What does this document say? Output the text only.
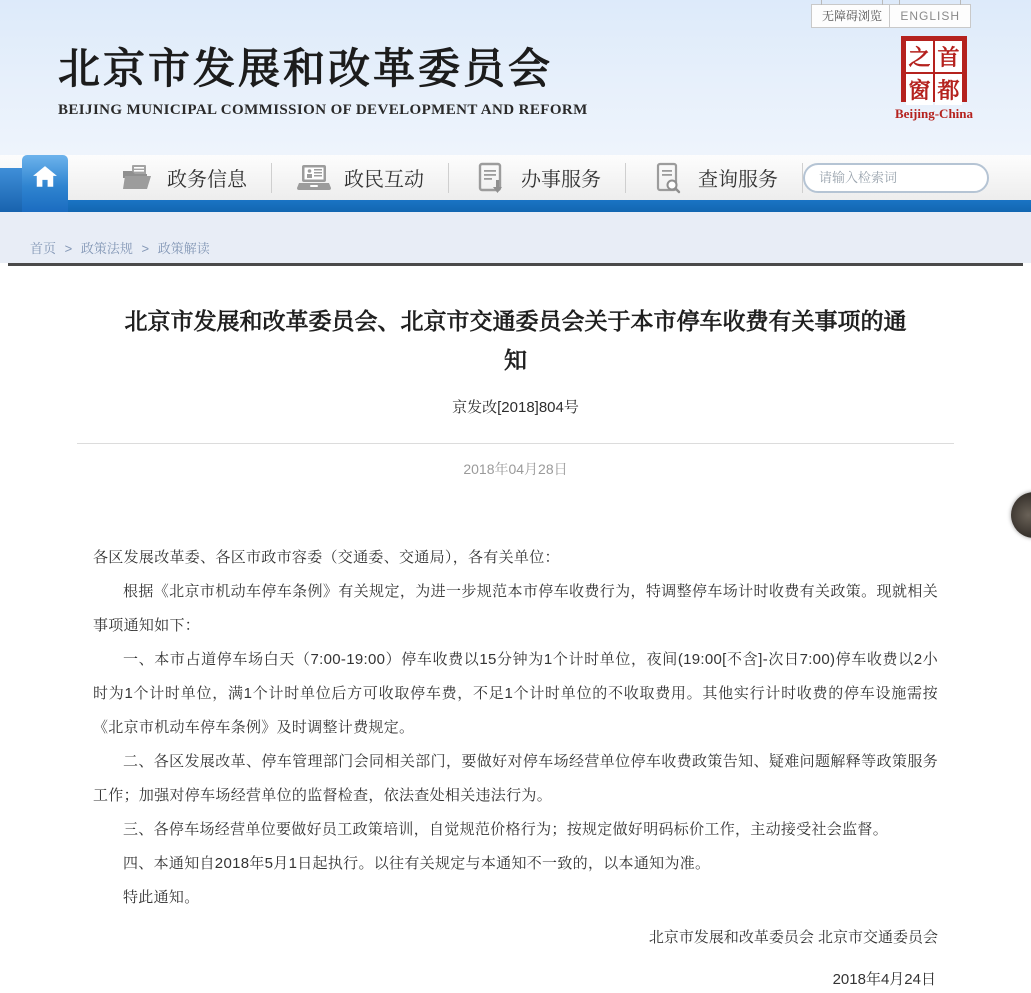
无障碍浏览	ENGLISH
北京市发展和改革委员会
BEIJING MUNICIPAL COMMISSION OF DEVELOPMENT AND REFORM
之 首
窗 都
Beijing-China
政务信息	政民互动	办事服务	查询服务
请输入检索词
首页 > 政策法规 > 政策解读
北京市发展和改革委员会、北京市交通委员会关于本市停车收费有关事项的通知
京发改[2018]804号
2018年04月28日

各区发展改革委、各区市政市容委（交通委、交通局），各有关单位：

根据《北京市机动车停车条例》有关规定，为进一步规范本市停车收费行为，特调整停车场计时收费有关政策。现就相关事项通知如下：

一、本市占道停车场白天（7:00-19:00）停车收费以15分钟为1个计时单位，夜间(19:00[不含]-次日7:00)停车收费以2小时为1个计时单位，满1个计时单位后方可收取停车费，不足1个计时单位的不收取费用。其他实行计时收费的停车设施需按《北京市机动车停车条例》及时调整计费规定。

二、各区发展改革、停车管理部门会同相关部门，要做好对停车场经营单位停车收费政策告知、疑难问题解释等政策服务工作；加强对停车场经营单位的监督检查，依法查处相关违法行为。

三、各停车场经营单位要做好员工政策培训，自觉规范价格行为；按规定做好明码标价工作，主动接受社会监督。

四、本通知自2018年5月1日起执行。以往有关规定与本通知不一致的，以本通知为准。

特此通知。

北京市发展和改革委员会 北京市交通委员会
2018年4月24日
